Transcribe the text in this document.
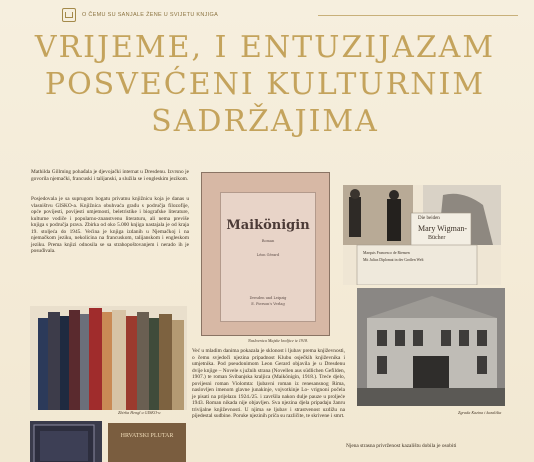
O ČEMU SU SANJALE ŽENE U SVIJETU KNJIGA
VRIJEME, I ENTUZIJAZAM
POSVEĆENI KULTURNIM
SADRŽAJIMA
Mathilda Gillming pohađala je djevojački internat u Dresdenu. Izvrsno je govorila njemački, francuski i talijanski, a služila se i engleskim jezikom.
Posjedovala je sa suprugom bogatu privatnu knjižnicu koja je danas u vlasništvu GISKO-a. Knjižnica obuhvaća građu s područja filozofije, opće povijesti, povijesti umjetnosti, beletristike i biografske literature, kulturne vodiče i popularno-znanstvenu literaturu, ali nema previše knjiga s područja prava. Zbirka od oko 5.000 knjiga nastajala je od kraja 19. stoljeća do 1945. Većina je knjiga izdanih u Njemačkoj i na njemačkom jeziku, nekolicina na francuskom, talijanskom i engleskom jeziku. Prema knjizi odnosila se sa strahopoštovanjem i nerado ih je posuđivala.
Maikönigin
Roman
Léon Gérard
Dresden und Leipzig
E. Pierson's Verlag
Naslovnica Majske kraljice iz 1918.
Die beiden
Mary Wigman-
Bücher
Marquis Francesco de Riensen
Mit Julius Diplomat in der Großen Welt
Zbirka Hengl u GISKO-u	Zgrada Kazina i kazališta
HRVATSKI PLUTAR
Već u mladim danima pokazala je sklonost i ljubav prema književnosti, o čemu svjedoči njezina pripadnost Klubu osječkih književnika i umjetnika. Pod pseudonimom Leon Gerard objavila je u Dresdenu dvije knjige – Novele s južnih strana (Novellen aus südlichen Gefilden, 1907.) te roman Svibanjska kraljica (Maikönigin, 1918.). Treće djelo, povijesni roman Violomta: ljubavni roman iz renesansnog Rima, naslovljen imenom glavne junakinje, vojvotkinje Lo- vrignoni počela je pisati na prijelazu 1924./25. i završila nakon dulje pauze u proljeće 1943. Roman nikada nije objavljen. Sva njezina djela pripadaju žanru trivijalne književnosti. U njima se ljubav i strastvenost uzdižu na pijedestal sudbine. Poruke njezinih priča su različite, te skrivene i smrt.
Njena strasna privrženost kazalištu dobila je osobiti
